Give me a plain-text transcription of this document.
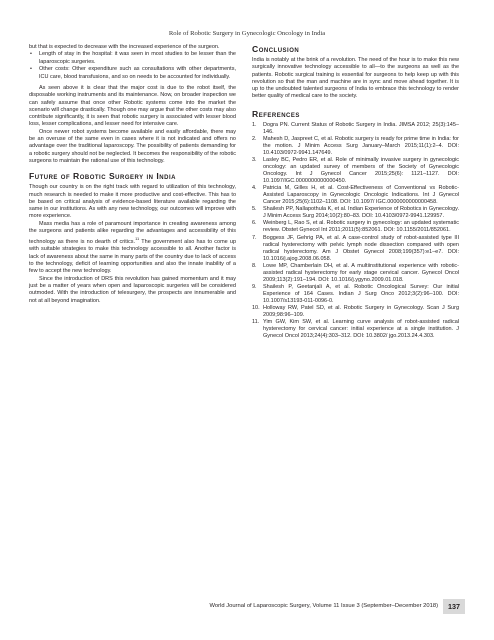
Role of Robotic Surgery in Gynecologic Oncology in India

but that is expected to decrease with the increased experience of the surgeon.

• Length of stay in the hospital: it was seen in most studies to be lesser than the laparoscopic surgeries.
• Other costs: Other expenditure such as consultations with other departments, ICU care, blood transfusions, and so on needs to be accounted for individually.

As seen above it is clear that the major cost is due to the robot itself, the disposable working instruments and its maintenance. Now, on broader inspection we can safely assume that once other Robotic systems come into the market the scenario will change drastically. Though one may argue that the other costs may also contribute significantly, it is seen that robotic surgery is associated with lesser blood loss, lesser complications, and lesser need for intensive care.

Once newer robot systems become available and easily affordable, there may be an overuse of the same even in cases where it is not indicated and offers no advantage over the traditional laparoscopy. The possibility of patients demanding for a robotic surgery should not be neglected. It becomes the responsibility of the robotic surgeons to maintain the rational use of this technology.

Future of Robotic Surgery in India

Though our country is on the right track with regard to utilization of this technology, much research is needed to make it more productive and cost-effective. This has to be based on critical analysis of evidence-based literature available regarding the same in our institutions. As with any new technology, our outcomes will improve with more experience.

Mass media has a role of paramount importance in creating awareness among the surgeons and patients alike regarding the advantages and accessibility of this technology as there is no dearth of critics.$^{11}$ The government also has to come up with suitable strategies to make this technology accessible to all. Another factor is lack of awareness about the same in many parts of the country due to lack of access to the technology, deficit of learning opportunities and also the innate inability of a few to accept the new technology.

Since the introduction of DRS this revolution has gained momentum and it may just be a matter of years when open and laparoscopic surgeries will be considered outmoded. With the introduction of telesurgery, the prospects are innumerable and not at all beyond imagination.

Conclusion

India is notably at the brink of a revolution. The need of the hour is to make this new surgically innovative technology accessible to all—to the surgeons as well as the patients. Robotic surgical training is essential for surgeons to help keep up with this revolution so that the man and machine are in sync and move ahead together. It is up to the undoubted talented surgeons of India to embrace this technology to render better quality of medical care to the society.

References
1. Dogra PN. Current Status of Robotic Surgery in India. JIMSA 2012; 25(3):145–146.
2. Mahesh D, Jaspreet C, et al. Robotic surgery is ready for prime time in India: for the motion. J Minim Access Surg January–March 2015;11(1):2–4. DOI: 10.4103/0972-9941.147649.
3. Lasley BC, Pedro ER, et al. Role of minimally invasive surgery in gynecologic oncology: an updated survey of members of the Society of Gynecologic Oncology. Int J Gynecol Cancer 2015;25(6): 1121–1127. DOI: 10.1097/IGC.0000000000000450.
4. Patricia M, Gilles H, et al. Cost-Effectiveness of Conventional vs Robotic-Assisted Laparoscopy in Gynecologic Oncologic Indications. Int J Gynecol Cancer 2015;25(6):1102–1108. DOI: 10.1097/ IGC.0000000000000458.
5. Shailesh PP, Nallapothula K, et al. Indian Experience of Robotics in Gynecology. J Minim Access Surg 2014;10(2):80–83. DOI: 10.4103/0972-9941.129957.
6. Weinberg L, Rao S, et al. Robotic surgery in gynecology: an updated systematic review. Obstet Gynecol Int 2011;2011(5):852061. DOI: 10.1155/2011/852061.
7. Boggess JF, Gehrig PA, et al. A case-control study of robot-assisted type III radical hysterectomy with pelvic lymph node dissection compared with open radical hysterectomy. Am J Obstet Gynecol 2008;199(357):e1–e7. DOI: 10.1016/j.ajog.2008.06.058.
8. Lowe MP, Chamberlain DH, et al. A multiinstitutional experience with robotic-assisted radical hysterectomy for early stage cervical cancer. Gynecol Oncol 2009;113(2):191–194. DOI: 10.1016/j.ygyno.2009.01.018.
9. Shailesh P, Geetanjali A, et al. Robotic Oncological Survey: Our initial Experience of 164 Cases. Indian J Surg Onco 2012;3(2):96–100. DOI: 10.1007/s13193-011-0096-0.
10. Holloway RW, Patel SD, et al. Robotic Surgery in Gynecology. Scan J Surg 2009;98:96–109.
11. Yim GW, Kim SW, et al. Learning curve analysis of robot-assisted radical hysterectomy for cervical cancer: initial experience at a single institution. J Gynecol Oncol 2013;24(4):303–312. DOI: 10.3802/ jgo.2013.24.4.303.
World Journal of Laparoscopic Surgery, Volume 11 Issue 3 (September–December 2018)	137
